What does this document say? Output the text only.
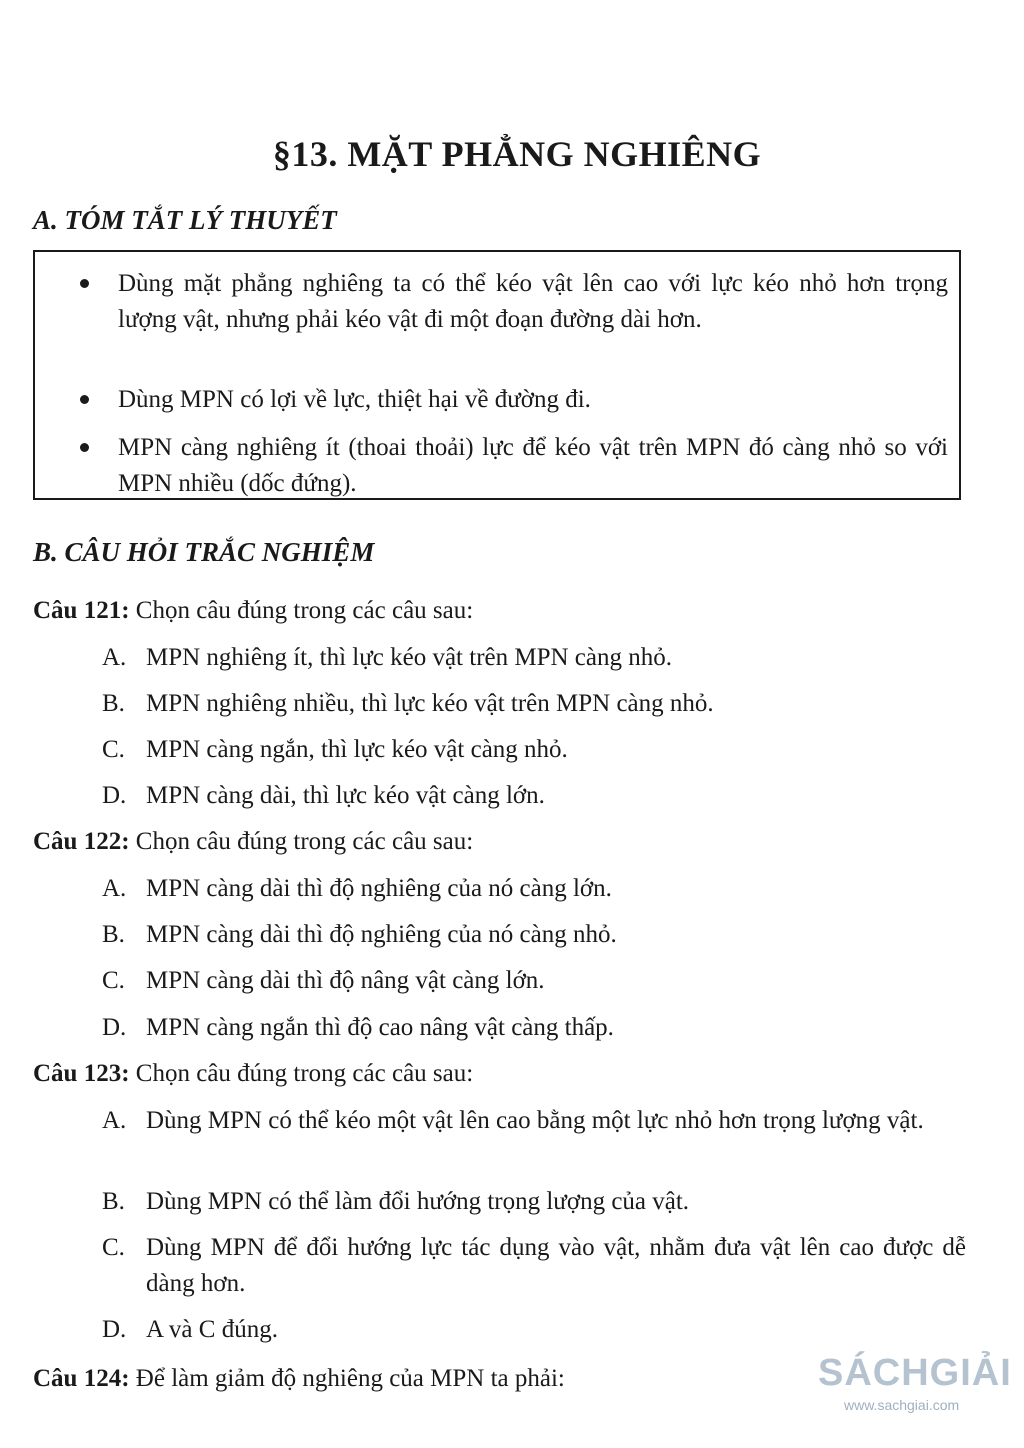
§13. MẶT PHẲNG NGHIÊNG
A. TÓM TẮT LÝ THUYẾT
Dùng mặt phẳng nghiêng ta có thể kéo vật lên cao với lực kéo nhỏ hơn trọng lượng vật, nhưng phải kéo vật đi một đoạn đường dài hơn.
Dùng MPN có lợi về lực, thiệt hại về đường đi.
MPN càng nghiêng ít (thoai thoải) lực để kéo vật trên MPN đó càng nhỏ so với MPN nhiều (dốc đứng).
B. CÂU HỎI TRẮC NGHIỆM
Câu 121: Chọn câu đúng trong các câu sau:
A. MPN nghiêng ít, thì lực kéo vật trên MPN càng nhỏ.
B. MPN nghiêng nhiều, thì lực kéo vật trên MPN càng nhỏ.
C. MPN càng ngắn, thì lực kéo vật càng nhỏ.
D. MPN càng dài, thì lực kéo vật càng lớn.
Câu 122: Chọn câu đúng trong các câu sau:
A. MPN càng dài thì độ nghiêng của nó càng lớn.
B. MPN càng dài thì độ nghiêng của nó càng nhỏ.
C. MPN càng dài thì độ nâng vật càng lớn.
D. MPN càng ngắn thì độ cao nâng vật càng thấp.
Câu 123: Chọn câu đúng trong các câu sau:
A. Dùng MPN có thể kéo một vật lên cao bằng một lực nhỏ hơn trọng lượng vật.
B. Dùng MPN có thể làm đổi hướng trọng lượng của vật.
C. Dùng MPN để đổi hướng lực tác dụng vào vật, nhằm đưa vật lên cao được dễ dàng hơn.
D. A và C đúng.
Câu 124: Để làm giảm độ nghiêng của MPN ta phải:	SÁCHGIẢI
www.sachgiai.com
